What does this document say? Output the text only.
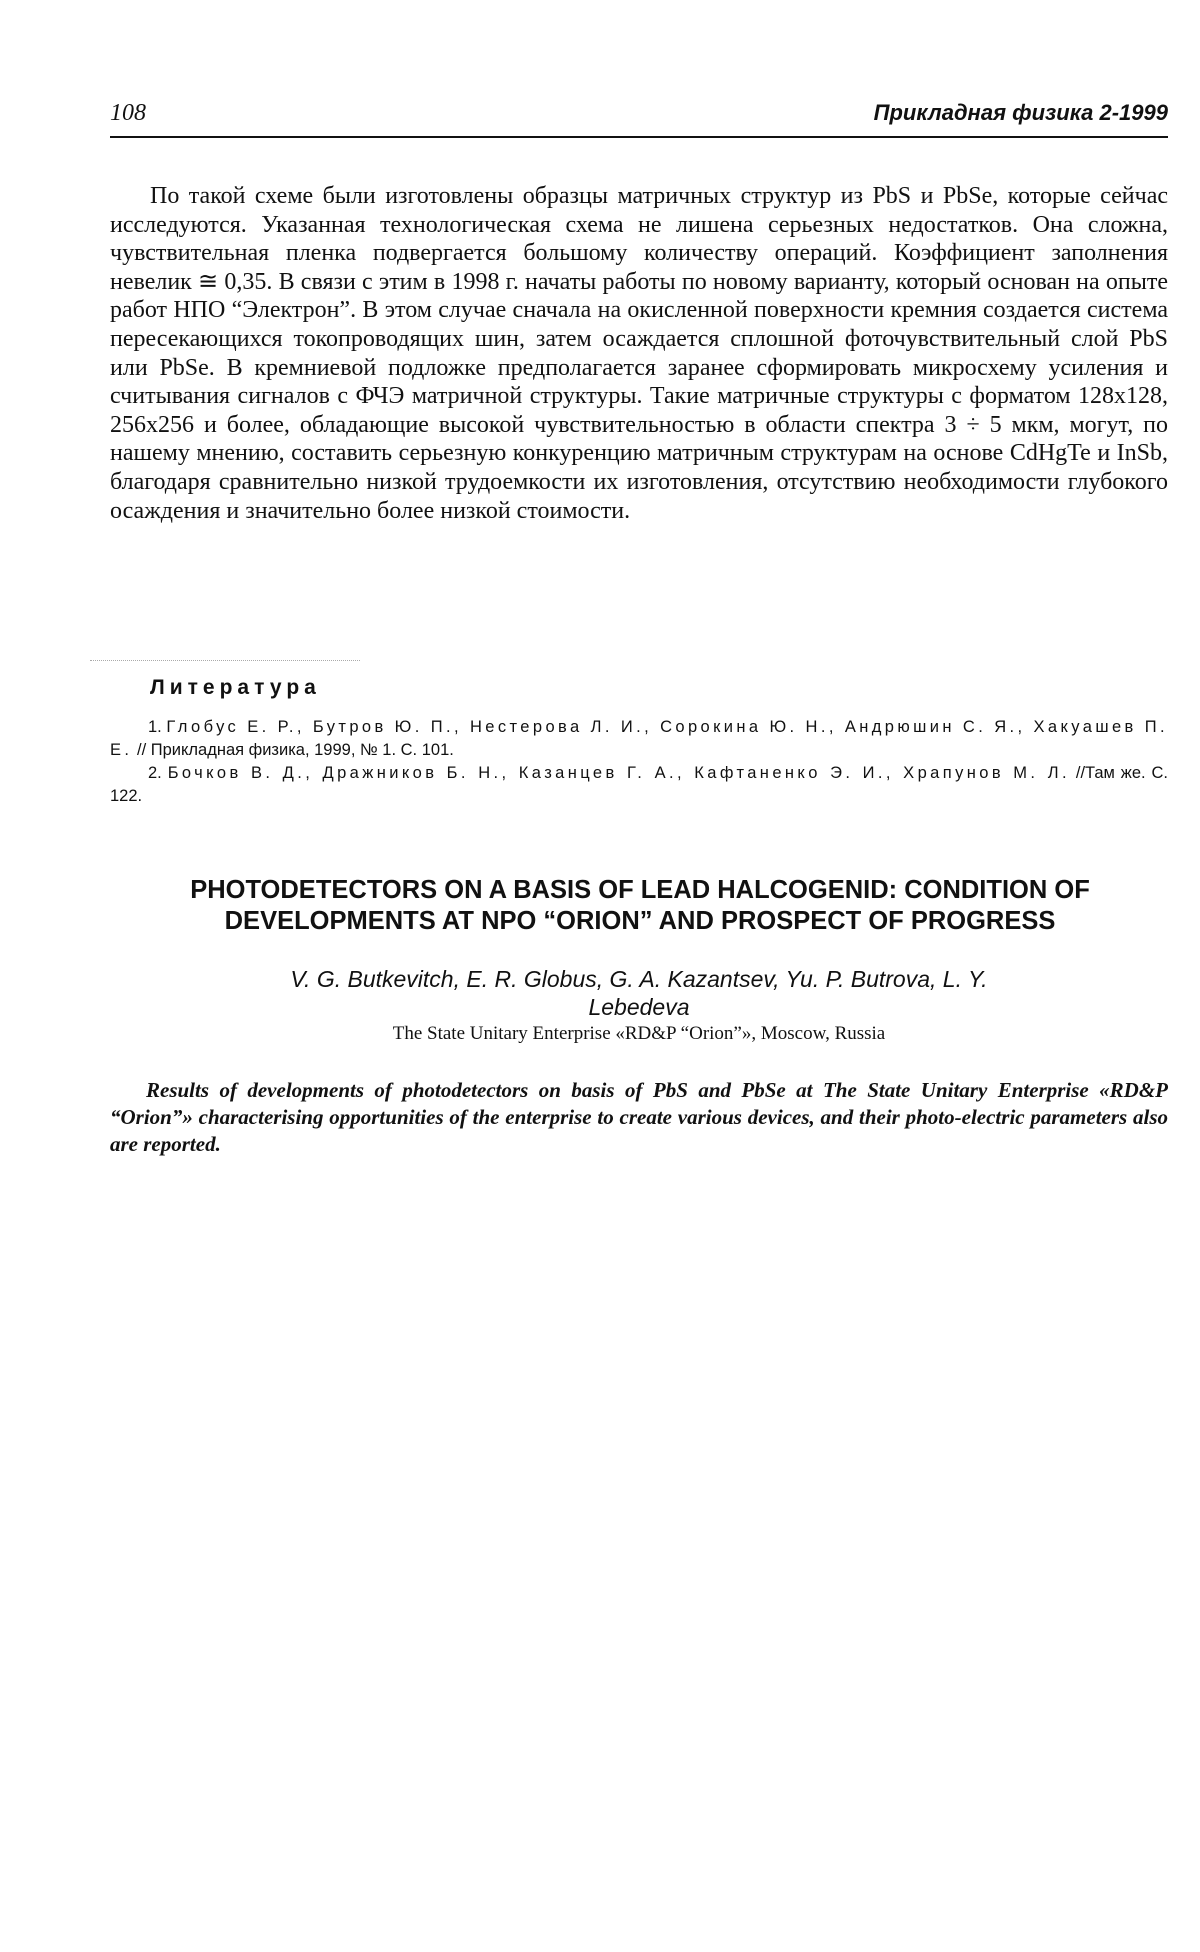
108	Прикладная физика 2-1999

По такой схеме были изготовлены образцы матричных структур из PbS и PbSe, которые сейчас исследуются. Указанная технологическая схема не лишена серьезных недостатков. Она сложна, чувствительная пленка подвергается большому количеству операций. Коэффициент заполнения невелик ≅ 0,35. В связи с этим в 1998 г. начаты работы по новому варианту, который основан на опыте работ НПО “Электрон”. В этом случае сначала на окисленной поверхности кремния создается система пересекающихся токопроводящих шин, затем осаждается сплошной фоточувствительный слой PbS или PbSe. В кремниевой подложке предполагается заранее сформировать микросхему усиления и считывания сигналов с ФЧЭ матричной структуры. Такие матричные структуры с форматом 128x128, 256x256 и более, обладающие высокой чувствительностью в области спектра 3 ÷ 5 мкм, могут, по нашему мнению, составить серьезную конкуренцию матричным структурам на основе CdHgTe и InSb, благодаря сравнительно низкой трудоемкости их изготовления, отсутствию необходимости глубокого осаждения и значительно более низкой стоимости.

Литература
1. Глобус Е. Р., Бутров Ю. П., Нестерова Л. И., Сорокина Ю. Н., Андрюшин С. Я., Хакуашев П. Е. // Прикладная физика, 1999, № 1. С. 101.
2. Бочков В. Д., Дражников Б. Н., Казанцев Г. А., Кафтаненко Э. И., Храпунов М. Л. //Там же. С. 122.
PHOTODETECTORS ON A BASIS OF LEAD HALCOGENID: CONDITION OF DEVELOPMENTS AT NPO “ORION” AND PROSPECT OF PROGRESS

V. G. Butkevitch, E. R. Globus, G. A. Kazantsev, Yu. P. Butrova, L. Y. Lebedeva

The State Unitary Enterprise «RD&P “Orion”», Moscow, Russia

Results of developments of photodetectors on basis of PbS and PbSe at The State Unitary Enterprise «RD&P “Orion”» characterising opportunities of the enterprise to create various devices, and their photo-electric parameters also are reported.
